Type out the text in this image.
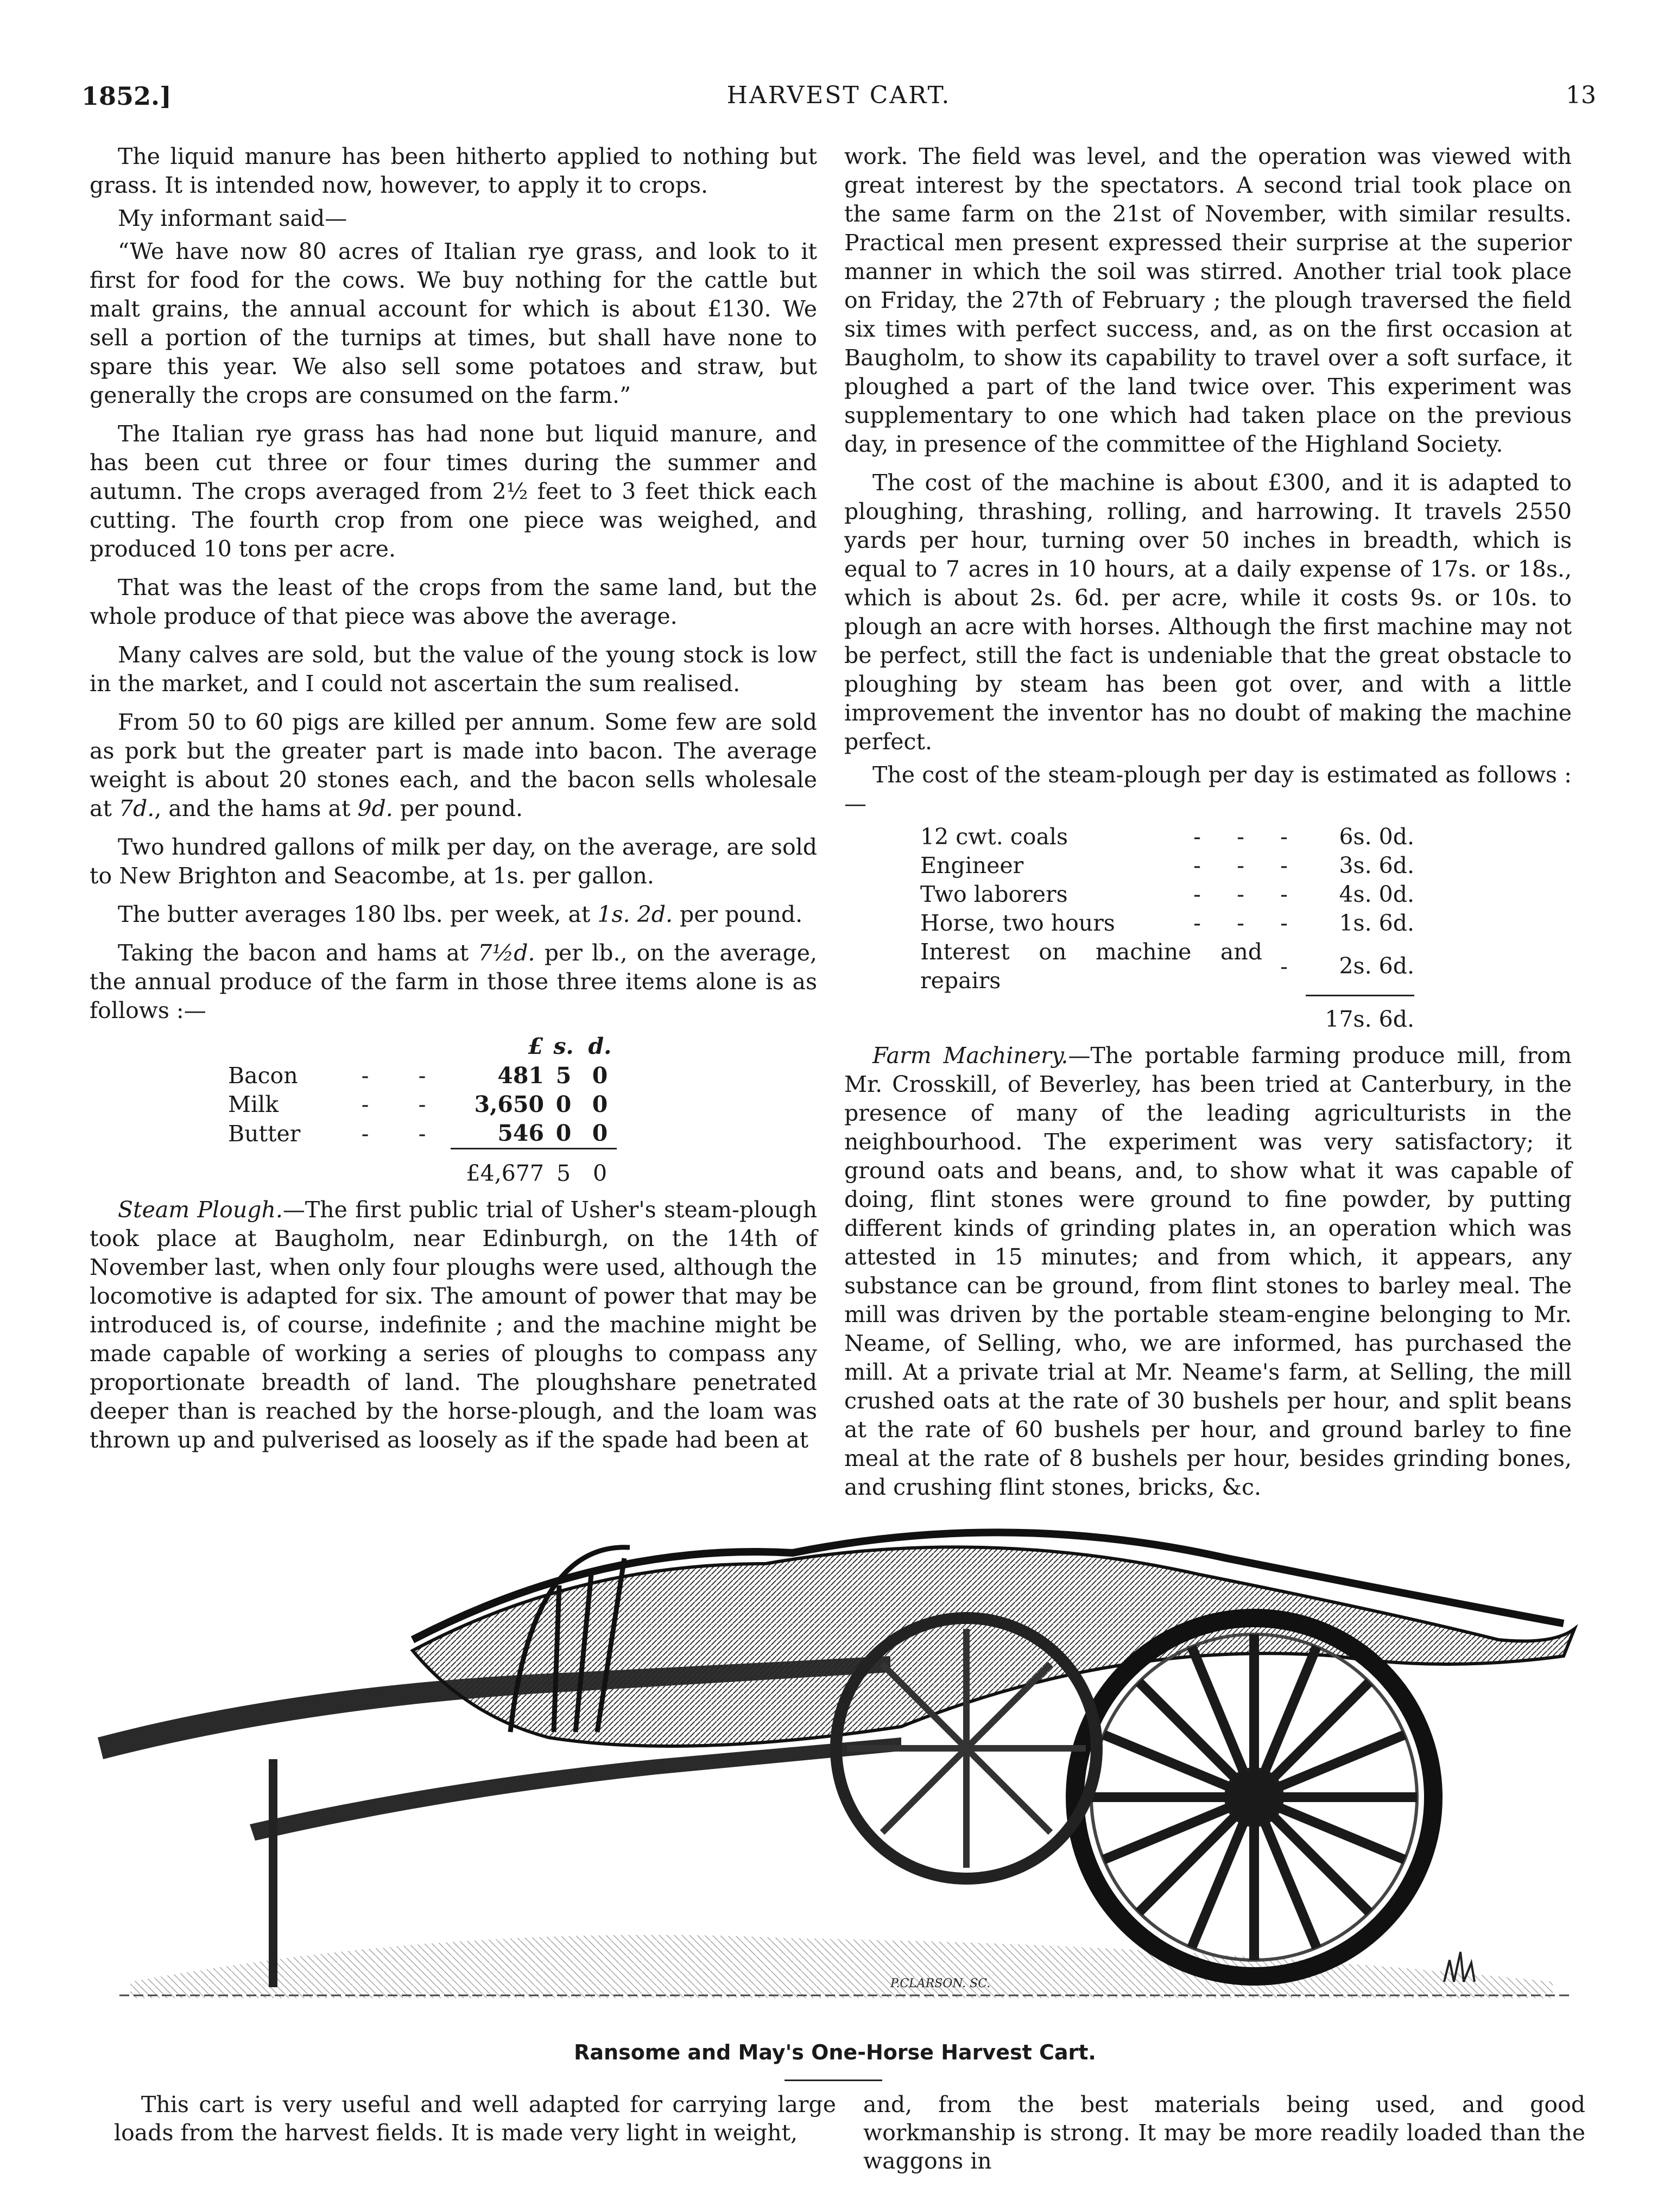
1852.]	HARVEST CART.	13

The liquid manure has been hitherto applied to nothing but grass. It is intended now, however, to apply it to crops.

My informant said—

“We have now 80 acres of Italian rye grass, and look to it first for food for the cows. We buy nothing for the cattle but malt grains, the annual account for which is about £130. We sell a portion of the turnips at times, but shall have none to spare this year. We also sell some potatoes and straw, but generally the crops are consumed on the farm.”

The Italian rye grass has had none but liquid manure, and has been cut three or four times during the summer and autumn. The crops averaged from 2½ feet to 3 feet thick each cutting. The fourth crop from one piece was weighed, and produced 10 tons per acre.

That was the least of the crops from the same land, but the whole produce of that piece was above the average.

Many calves are sold, but the value of the young stock is low in the market, and I could not ascertain the sum realised.

From 50 to 60 pigs are killed per annum. Some few are sold as pork but the greater part is made into bacon. The average weight is about 20 stones each, and the bacon sells wholesale at 7d., and the hams at 9d. per pound.

Two hundred gallons of milk per day, on the average, are sold to New Brighton and Seacombe, at 1s. per gallon.

The butter averages 180 lbs. per week, at 1s. 2d. per pound.

Taking the bacon and hams at 7½d. per lb., on the average, the annual produce of the farm in those three items alone is as follows :—

			£	s.	d.
Bacon	-	-	481	5	0
Milk	-	-	3,650	0	0
Butter	-	-	546	0	0
			£4,677	5	0

Steam Plough.—The first public trial of Usher's steam-plough took place at Baugholm, near Edinburgh, on the 14th of November last, when only four ploughs were used, although the locomotive is adapted for six. The amount of power that may be introduced is, of course, indefinite ; and the machine might be made capable of working a series of ploughs to compass any proportionate breadth of land. The ploughshare penetrated deeper than is reached by the horse-plough, and the loam was thrown up and pulverised as loosely as if the spade had been at

work. The field was level, and the operation was viewed with great interest by the spectators. A second trial took place on the same farm on the 21st of November, with similar results. Practical men present expressed their surprise at the superior manner in which the soil was stirred. Another trial took place on Friday, the 27th of February ; the plough traversed the field six times with perfect success, and, as on the first occasion at Baugholm, to show its capability to travel over a soft surface, it ploughed a part of the land twice over. This experiment was supplementary to one which had taken place on the previous day, in presence of the committee of the Highland Society.

The cost of the machine is about £300, and it is adapted to ploughing, thrashing, rolling, and harrowing. It travels 2550 yards per hour, turning over 50 inches in breadth, which is equal to 7 acres in 10 hours, at a daily expense of 17s. or 18s., which is about 2s. 6d. per acre, while it costs 9s. or 10s. to plough an acre with horses. Although the first machine may not be perfect, still the fact is undeniable that the great obstacle to ploughing by steam has been got over, and with a little improvement the inventor has no doubt of making the machine perfect.

The cost of the steam-plough per day is estimated as follows :—

12 cwt. coals	-	-	-	6s. 0d.
Engineer	-	-	-	3s. 6d.
Two laborers	-	-	-	4s. 0d.
Horse, two hours	-	-	-	1s. 6d.
Interest on machine and repairs			-	2s. 6d.
				17s. 6d.

Farm Machinery.—The portable farming produce mill, from Mr. Crosskill, of Beverley, has been tried at Canterbury, in the presence of many of the leading agriculturists in the neighbourhood. The experiment was very satisfactory; it ground oats and beans, and, to show what it was capable of doing, flint stones were ground to fine powder, by putting different kinds of grinding plates in, an operation which was attested in 15 minutes; and from which, it appears, any substance can be ground, from flint stones to barley meal. The mill was driven by the portable steam-engine belonging to Mr. Neame, of Selling, who, we are informed, has purchased the mill. At a private trial at Mr. Neame's farm, at Selling, the mill crushed oats at the rate of 30 bushels per hour, and split beans at the rate of 60 bushels per hour, and ground barley to fine meal at the rate of 8 bushels per hour, besides grinding bones, and crushing flint stones, bricks, &c.

P.CLARSON. SC.
Ransome and May's One-Horse Harvest Cart.
This cart is very useful and well adapted for carrying large loads from the harvest fields. It is made very light in weight,
and, from the best materials being used, and good workmanship is strong. It may be more readily loaded than the waggons in
